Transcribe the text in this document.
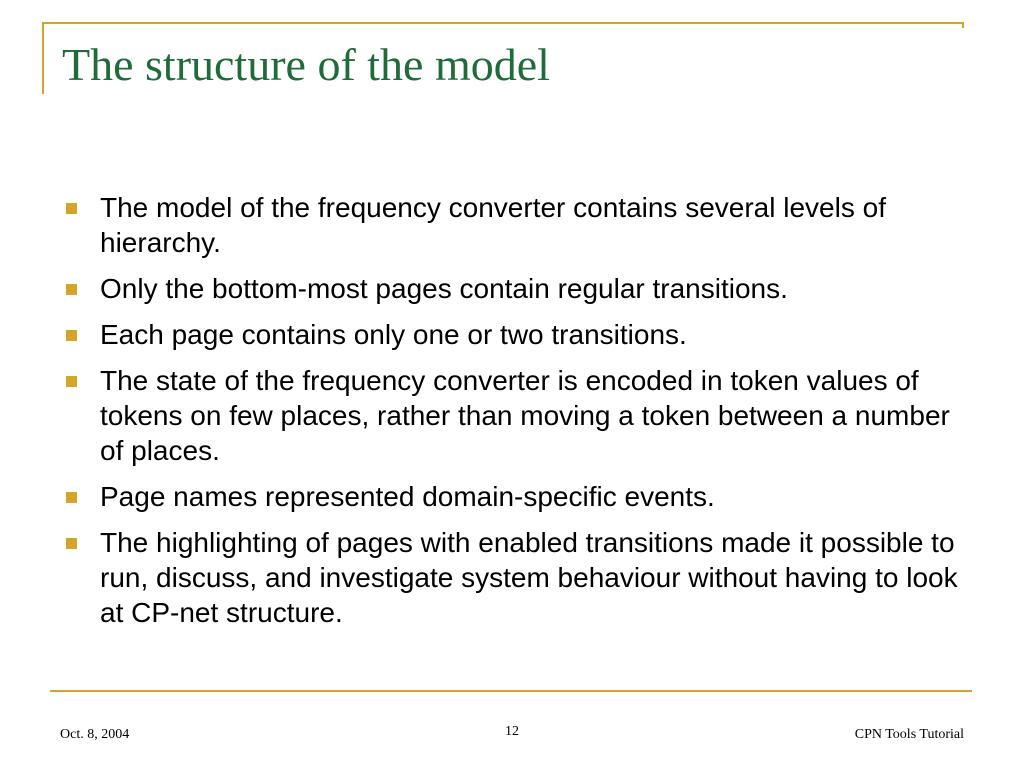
The structure of the model
The model of the frequency converter contains several levels of hierarchy.
Only the bottom-most pages contain regular transitions.
Each page contains only one or two transitions.
The state of the frequency converter is encoded in token values of tokens on few places, rather than moving a token between a number of places.
Page names represented domain-specific events.
The highlighting of pages with enabled transitions made it possible to run, discuss, and investigate system behaviour without having to look at CP-net structure.
Oct. 8, 2004	12	CPN Tools Tutorial
